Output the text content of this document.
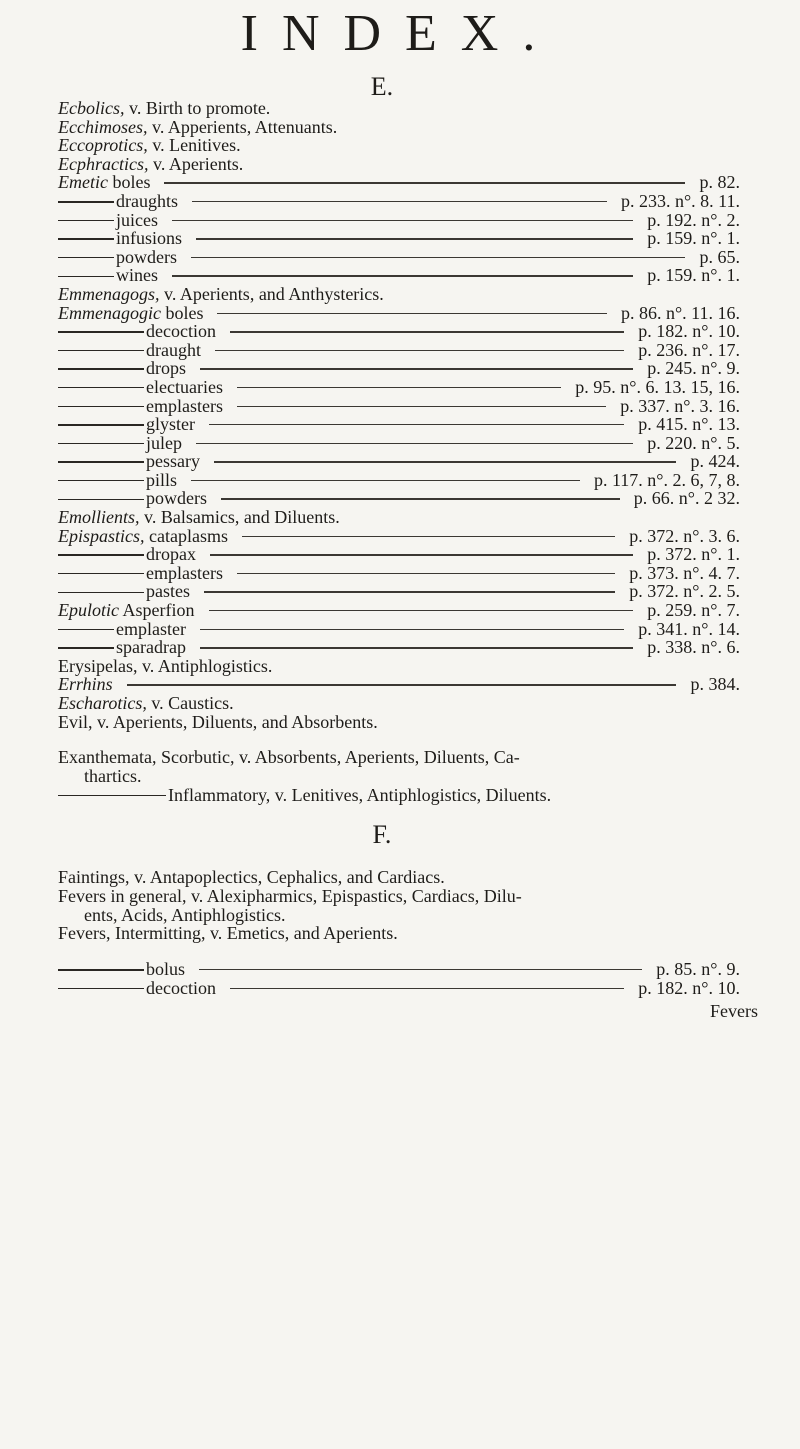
INDEX.
E.
Ecbolics, v. Birth to promote.
Ecchimoses, v. Apperients, Attenuants.
Eccoprotics, v. Lenitives.
Ecphractics, v. Aperients.
Emetic boles	p. 82.
draughts	p. 233. n°. 8. 11.
juices	p. 192. n°. 2.
infusions	p. 159. n°. 1.
powders	p. 65.
wines	p. 159. n°. 1.
Emmenagogs, v. Aperients, and Anthysterics.
Emmenagogic boles	p. 86. n°. 11. 16.
decoction	p. 182. n°. 10.
draught	p. 236. n°. 17.
drops	p. 245. n°. 9.
electuaries	p. 95. n°. 6. 13. 15, 16.
emplasters	p. 337. n°. 3. 16.
glyster	p. 415. n°. 13.
julep	p. 220. n°. 5.
pessary	p. 424.
pills	p. 117. n°. 2. 6, 7, 8.
powders	p. 66. n°. 2 32.
Emollients, v. Balsamics, and Diluents.
Epispastics, cataplasms	p. 372. n°. 3. 6.
dropax	p. 372. n°. 1.
emplasters	p. 373. n°. 4. 7.
pastes	p. 372. n°. 2. 5.
Epulotic Asperfion	p. 259. n°. 7.
emplaster	p. 341. n°. 14.
sparadrap	p. 338. n°. 6.
Erysipelas, v. Antiphlogistics.
Errhins	p. 384.
Escharotics, v. Caustics.
Evil, v. Aperients, Diluents, and Absorbents.
Exanthemata, Scorbutic, v. Absorbents, Aperients, Diluents, Ca-
thartics.
Inflammatory, v. Lenitives, Antiphlogistics, Diluents.
F.
Faintings, v. Antapoplectics, Cephalics, and Cardiacs.
Fevers in general, v. Alexipharmics, Epispastics, Cardiacs, Dilu-
ents, Acids, Antiphlogistics.
Fevers, Intermitting, v. Emetics, and Aperients.
bolus	p. 85. n°. 9.
decoction	p. 182. n°. 10.
Fevers
